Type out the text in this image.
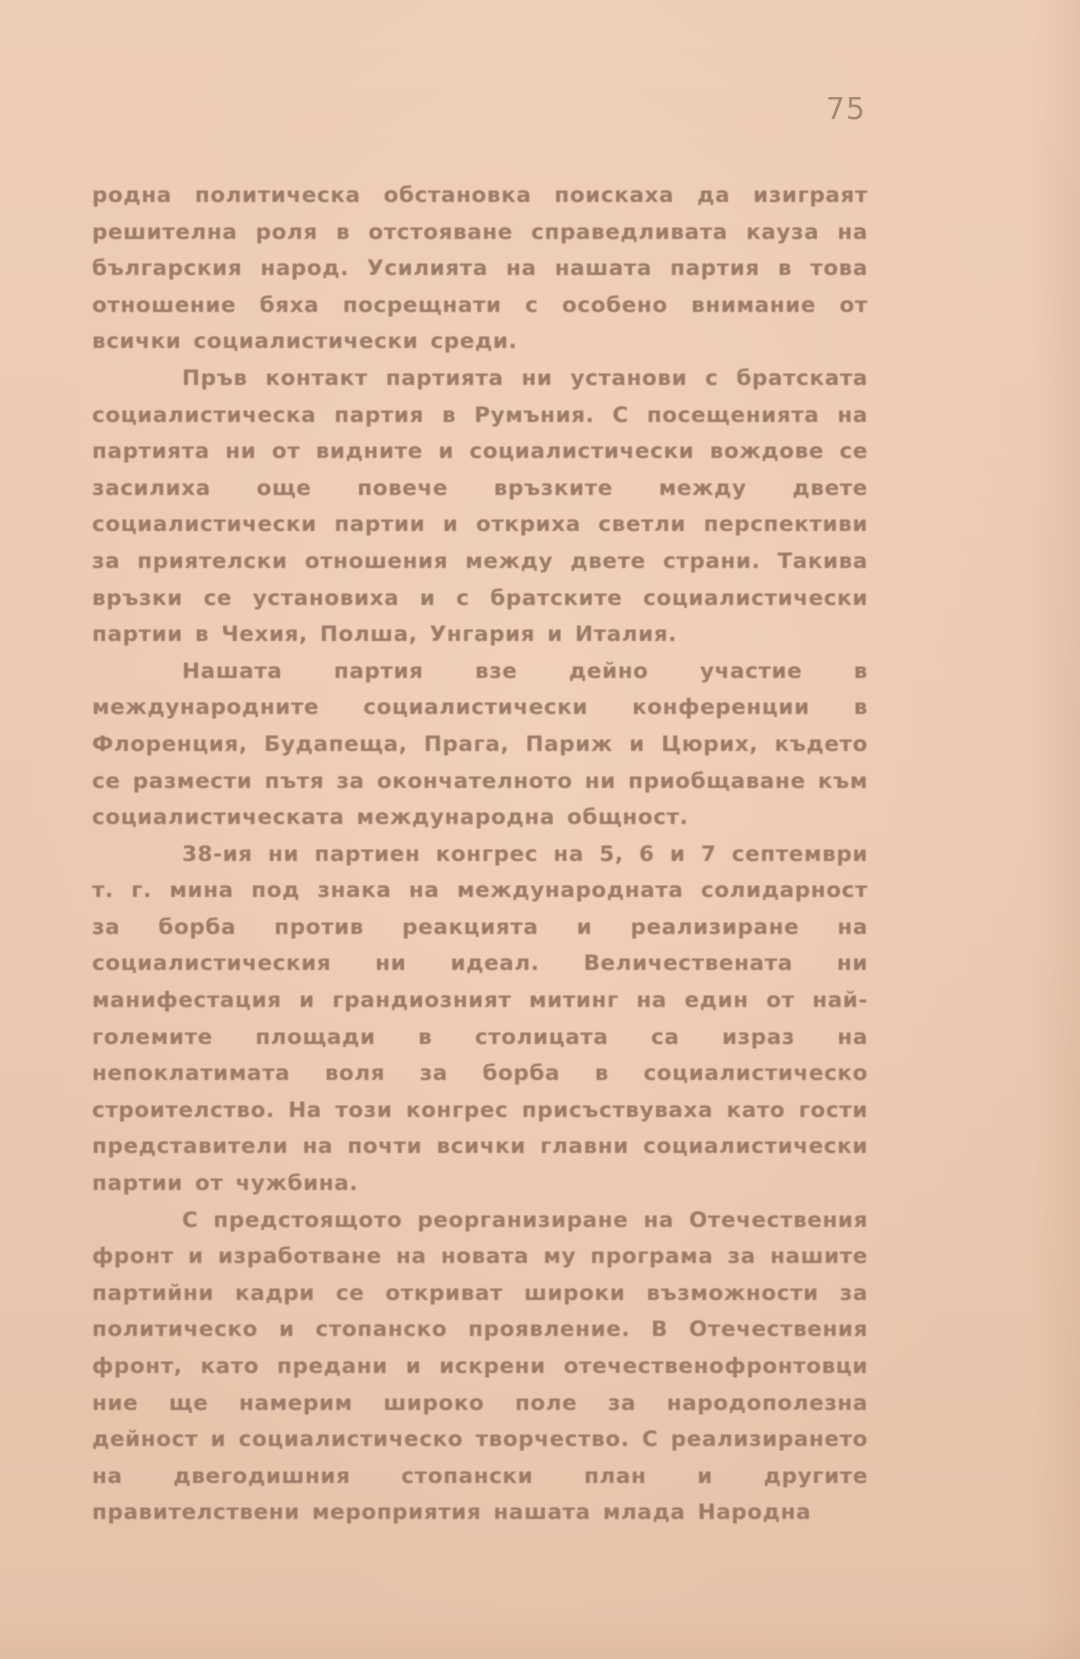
75

родна политическа обстановка поискаха да изиграят решителна роля в отстояване справедливата кауза на българския народ. Усилията на нашата партия в това отношение бяха посрещнати с особено внимание от всички социалистически среди.

Пръв контакт партията ни установи с братската социалистическа партия в Румъния. С посещенията на партията ни от видните и социалистически вождове се засилиха още повече връзките между двете социалистически партии и откриха светли перспективи за приятелски отношения между двете страни. Такива връзки се установиха и с братските социалистически партии в Чехия, Полша, Унгария и Италия.

Нашата партия взе дейно участие в международните социалистически конференции в Флоренция, Будапеща, Прага, Париж и Цюрих, където се размести пътя за окончателното ни приобщаване към социалистическата международна общност.

38-ия ни партиен конгрес на 5, 6 и 7 септември т. г. мина под знака на международната солидарност за борба против реакцията и реализиране на социалистическия ни идеал. Величествената ни манифестация и грандиозният митинг на един от най-големите площади в столицата са израз на непоклатимата воля за борба в социалистическо строителство. На този конгрес присъствуваха като гости представители на почти всички главни социалистически партии от чужбина.

С предстоящото реорганизиране на Отечествения фронт и изработване на новата му програма за нашите партийни кадри се откриват широки възможности за политическо и стопанско проявление. В Отечествения фронт, като предани и искрени отечественофронтовци ние ще намерим широко поле за народополезна дейност и социалистическо творчество. С реализирането на двегодишния стопански план и другите правителствени мероприятия нашата млада Народна
